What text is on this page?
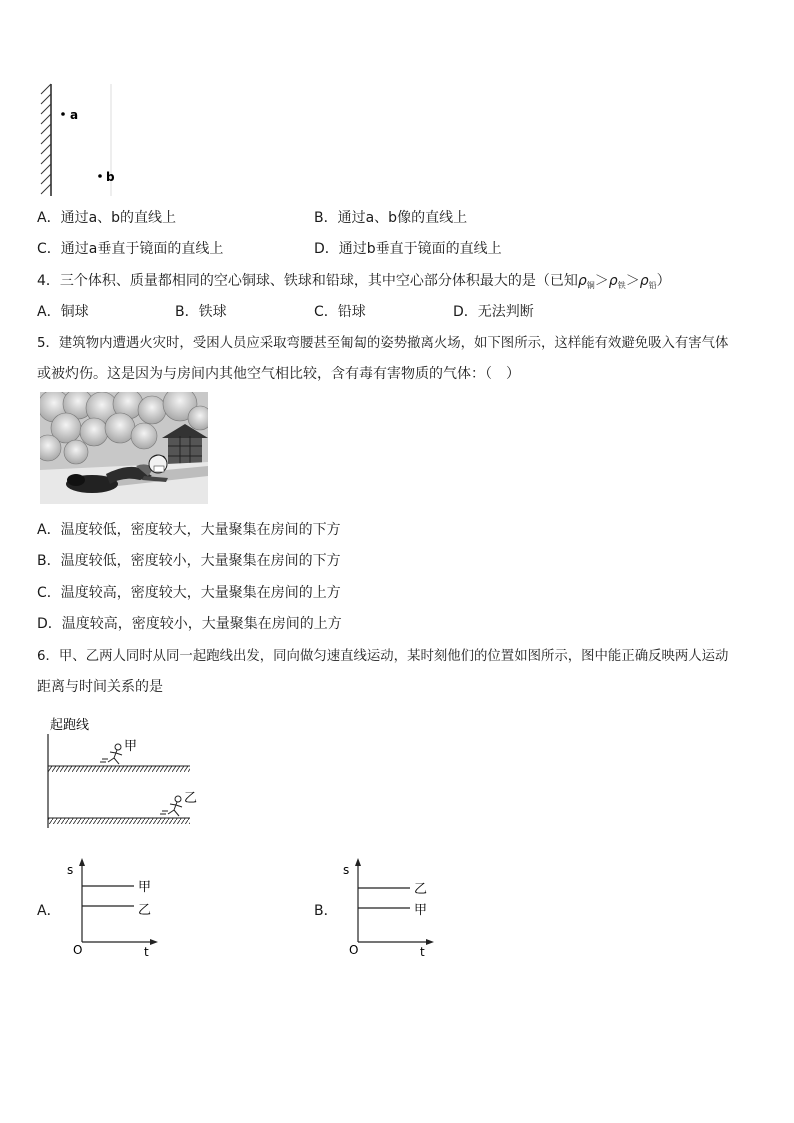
a
b
A．通过a、b的直线上	B．通过a、b像的直线上
C．通过a垂直于镜面的直线上	D．通过b垂直于镜面的直线上
4．三个体积、质量都相同的空心铜球、铁球和铅球，其中空心部分体积最大的是（已知$\rho_铜>\rho_铁>\rho_铅$）
A．铜球	B．铁球	C．铅球	D．无法判断
5．建筑物内遭遇火灾时，受困人员应采取弯腰甚至匍匐的姿势撤离火场，如下图所示，这样能有效避免吸入有害气体
或被灼伤。这是因为与房间内其他空气相比较，含有毒有害物质的气体：（　）
A．温度较低，密度较大，大量聚集在房间的下方
B．温度较低，密度较小，大量聚集在房间的下方
C．温度较高，密度较大，大量聚集在房间的上方
D．温度较高，密度较小，大量聚集在房间的上方
6．甲、乙两人同时从同一起跑线出发，同向做匀速直线运动，某时刻他们的位置如图所示，图中能正确反映两人运动
距离与时间关系的是
起跑线
甲
乙
A．
s
t
O
甲
乙	B．
s
t
O
乙
甲
